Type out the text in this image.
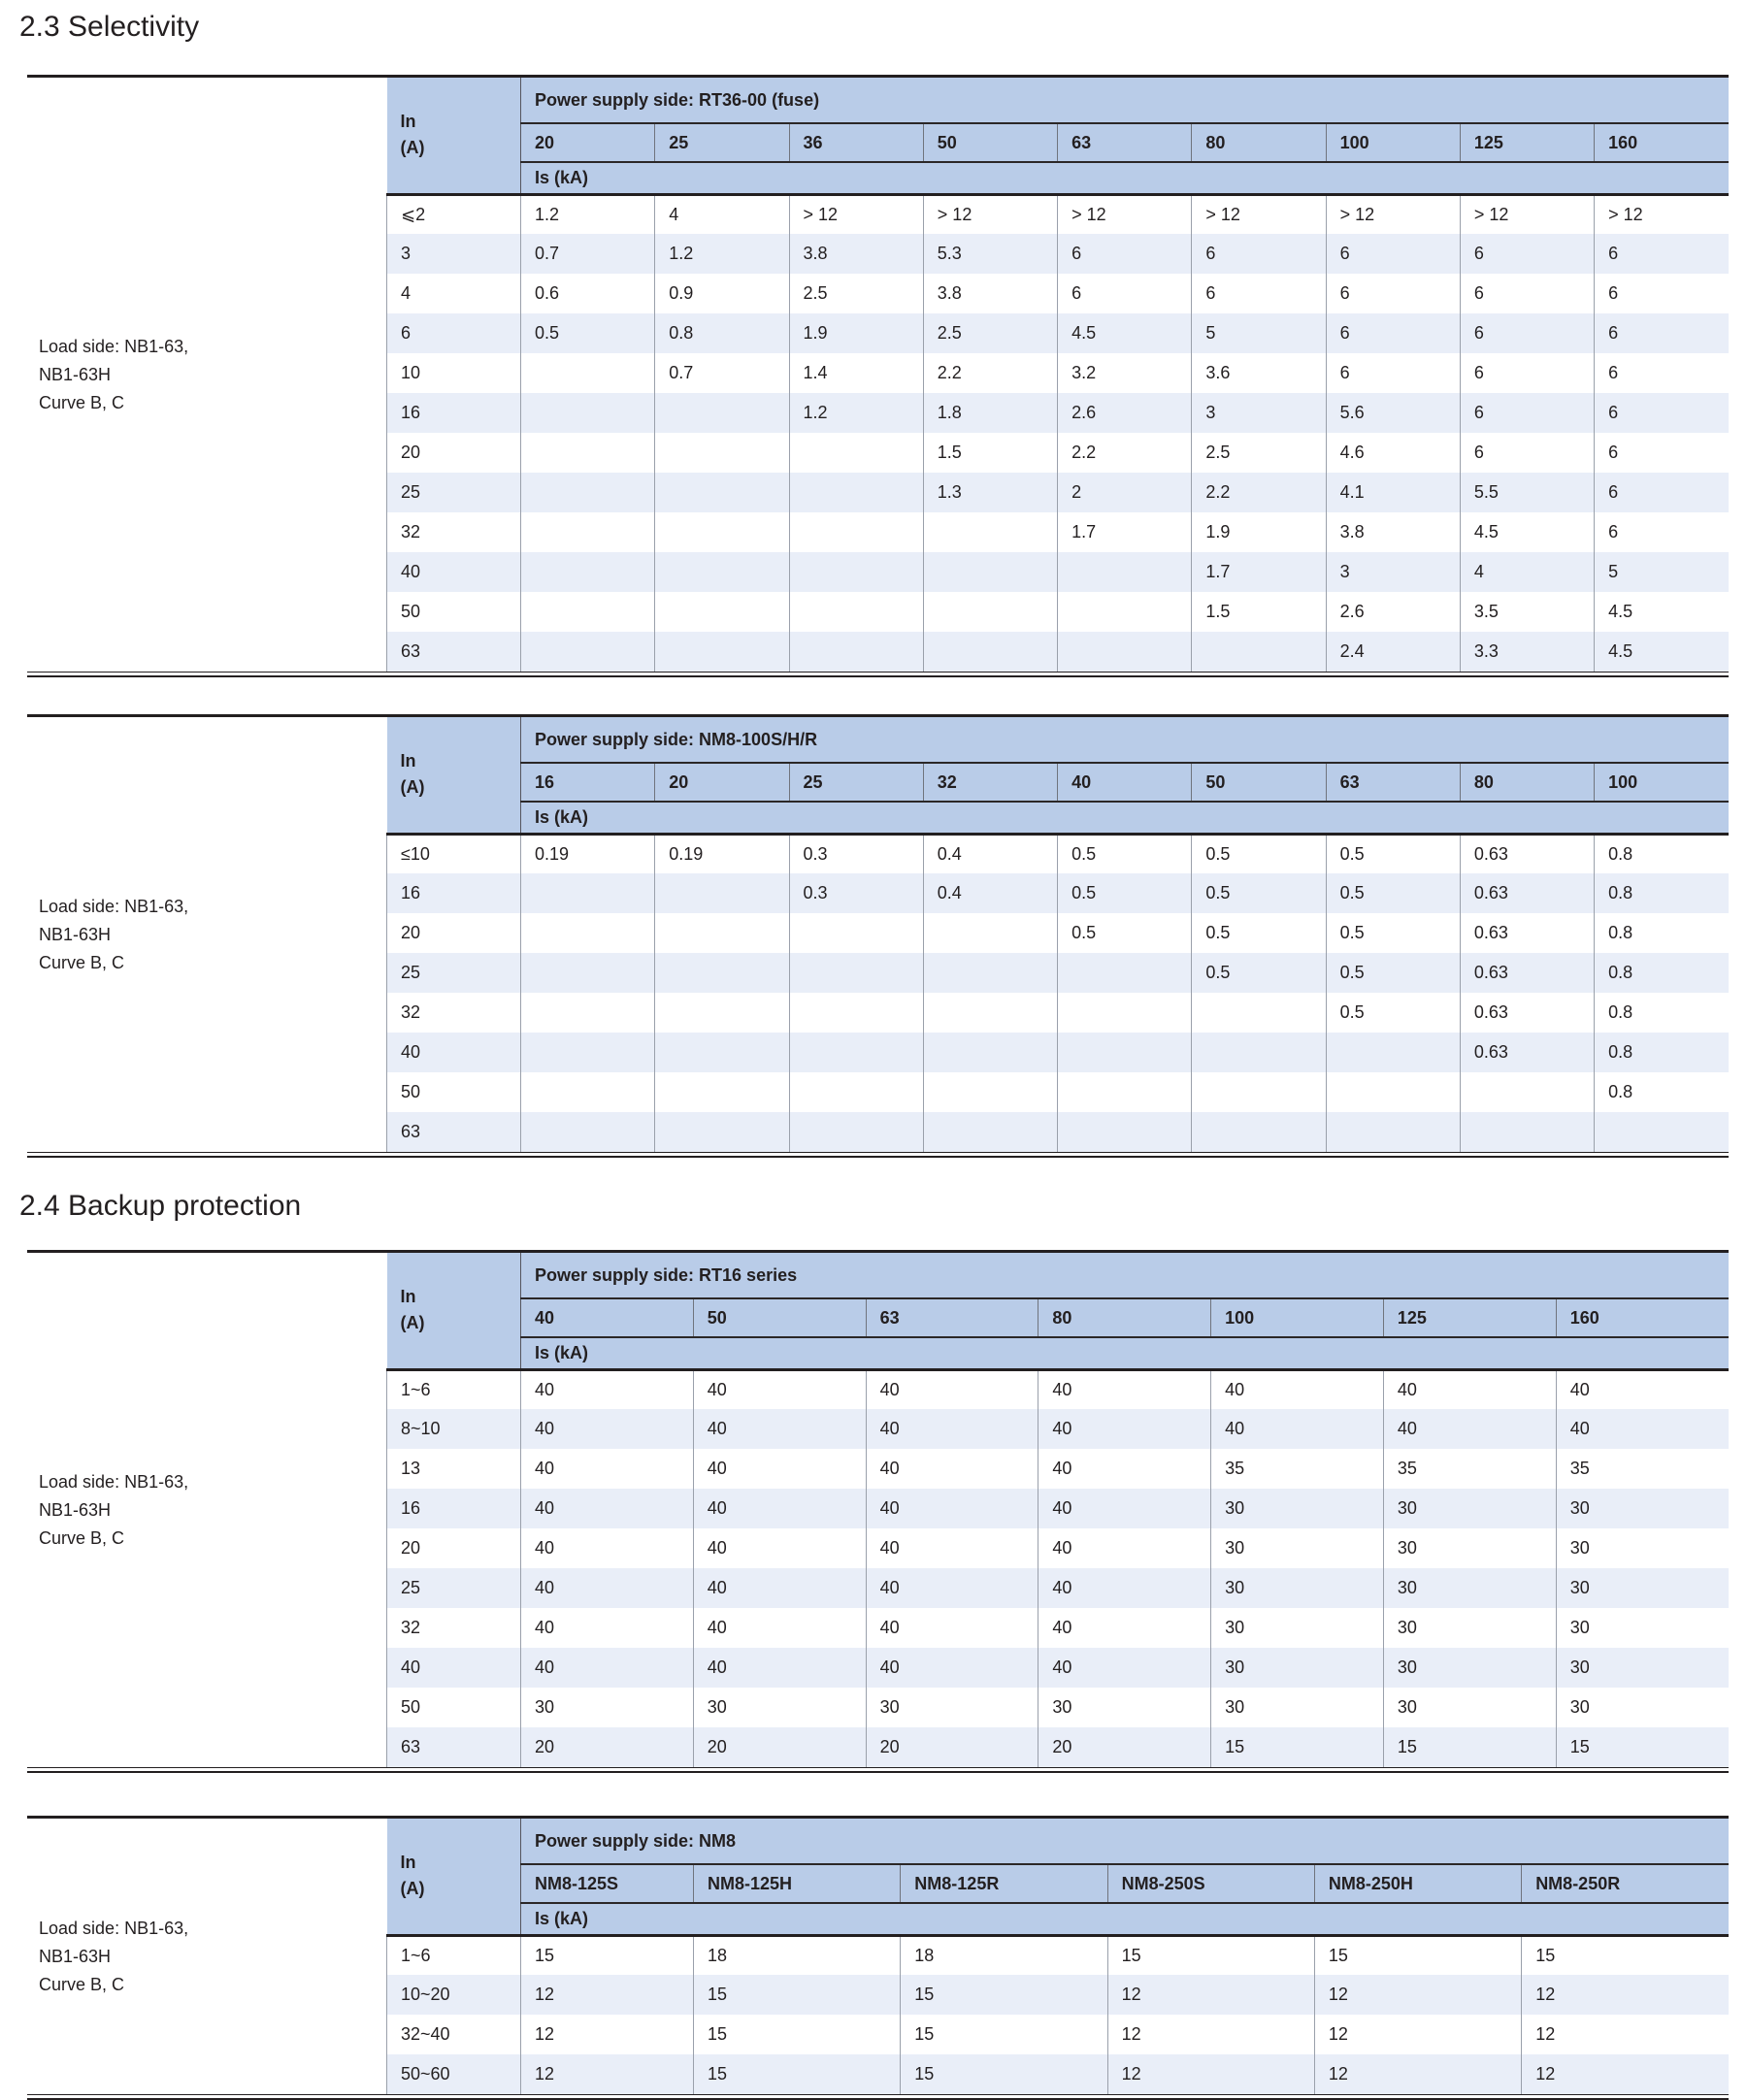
2.3 Selectivity
Load side: NB1-63,
NB1-63H
Curve B, C
In
(A)	Power supply side: RT36-00 (fuse)								
	20	25	36	50	63	80	100	125	160
	Is (kA)								
⩽2	1.2	4	> 12	> 12	> 12	> 12	> 12	> 12	> 12
3	0.7	1.2	3.8	5.3	6	6	6	6	6
4	0.6	0.9	2.5	3.8	6	6	6	6	6
6	0.5	0.8	1.9	2.5	4.5	5	6	6	6
10		0.7	1.4	2.2	3.2	3.6	6	6	6
16			1.2	1.8	2.6	3	5.6	6	6
20				1.5	2.2	2.5	4.6	6	6
25				1.3	2	2.2	4.1	5.5	6
32					1.7	1.9	3.8	4.5	6
40						1.7	3	4	5
50						1.5	2.6	3.5	4.5
63							2.4	3.3	4.5
Load side: NB1-63,
NB1-63H
Curve B, C
In
(A)	Power supply side: NM8-100S/H/R								
	16	20	25	32	40	50	63	80	100
	Is (kA)								
≤10	0.19	0.19	0.3	0.4	0.5	0.5	0.5	0.63	0.8
16			0.3	0.4	0.5	0.5	0.5	0.63	0.8
20					0.5	0.5	0.5	0.63	0.8
25						0.5	0.5	0.63	0.8
32							0.5	0.63	0.8
40								0.63	0.8
50									0.8
63									
2.4 Backup protection
Load side: NB1-63,
NB1-63H
Curve B, C
In
(A)	Power supply side: RT16 series						
	40	50	63	80	100	125	160
	Is (kA)						
1~6	40	40	40	40	40	40	40
8~10	40	40	40	40	40	40	40
13	40	40	40	40	35	35	35
16	40	40	40	40	30	30	30
20	40	40	40	40	30	30	30
25	40	40	40	40	30	30	30
32	40	40	40	40	30	30	30
40	40	40	40	40	30	30	30
50	30	30	30	30	30	30	30
63	20	20	20	20	15	15	15
Load side: NB1-63,
NB1-63H
Curve B, C
In
(A)	Power supply side: NM8					
	NM8-125S	NM8-125H	NM8-125R	NM8-250S	NM8-250H	NM8-250R
	Is (kA)					
1~6	15	18	18	15	15	15
10~20	12	15	15	12	12	12
32~40	12	15	15	12	12	12
50~60	12	15	15	12	12	12
